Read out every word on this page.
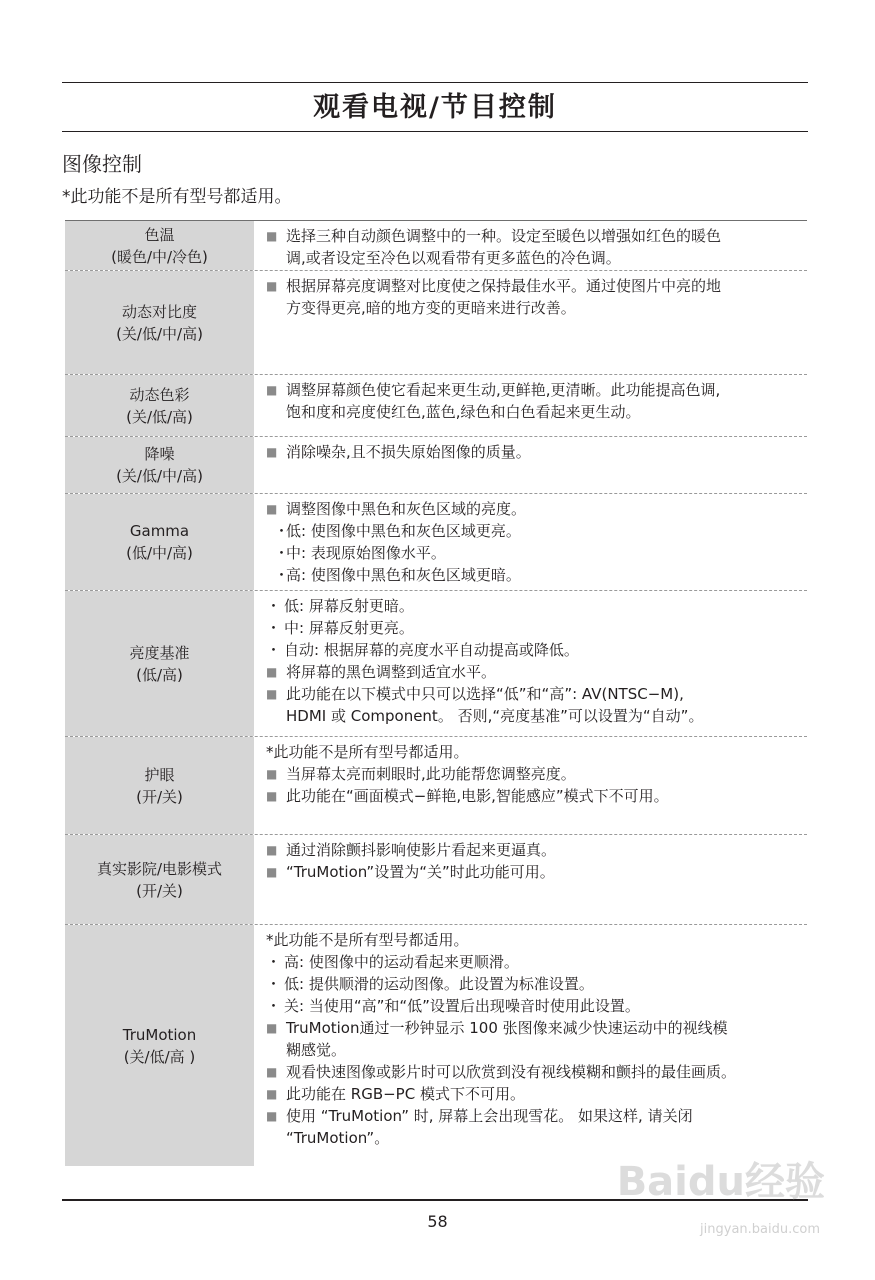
观看电视/节目控制
图像控制
*此功能不是所有型号都适用。
色温
(暖色/中/冷色)
■ 选择三种自动颜色调整中的一种。设定至暖色以增强如红色的暖色
调,或者设定至冷色以观看带有更多蓝色的冷色调。
动态对比度
(关/低/中/高)
■ 根据屏幕亮度调整对比度使之保持最佳水平。通过使图片中亮的地
方变得更亮,暗的地方变的更暗来进行改善。
动态色彩
(关/低/高)
■ 调整屏幕颜色使它看起来更生动,更鲜艳,更清晰。此功能提高色调,
饱和度和亮度使红色,蓝色,绿色和白色看起来更生动。
降噪
(关/低/中/高)
■ 消除噪杂,且不损失原始图像的质量。
Gamma
(低/中/高)
■ 调整图像中黑色和灰色区域的亮度。
・ 低: 使图像中黑色和灰色区域更亮。
・ 中: 表现原始图像水平。
・ 高: 使图像中黑色和灰色区域更暗。
亮度基准
(低/高)
・ 低: 屏幕反射更暗。
・ 中: 屏幕反射更亮。
・ 自动: 根据屏幕的亮度水平自动提高或降低。
■ 将屏幕的黑色调整到适宜水平。
■ 此功能在以下模式中只可以选择“低”和“高”: AV(NTSC−M),
HDMI 或 Component。 否则,“亮度基准”可以设置为“自动”。
护眼
(开/关)
*此功能不是所有型号都适用。
■ 当屏幕太亮而刺眼时,此功能帮您调整亮度。
■ 此功能在“画面模式−鲜艳,电影,智能感应”模式下不可用。
真实影院/电影模式
(开/关)
■ 通过消除颤抖影响使影片看起来更逼真。
■ “TruMotion”设置为“关”时此功能可用。
TruMotion
(关/低/高 )
*此功能不是所有型号都适用。
・ 高: 使图像中的运动看起来更顺滑。
・ 低: 提供顺滑的运动图像。此设置为标准设置。
・ 关: 当使用“高”和“低”设置后出现噪音时使用此设置。
■ TruMotion通过一秒钟显示 100 张图像来减少快速运动中的视线模
糊感觉。
■ 观看快速图像或影片时可以欣赏到没有视线模糊和颤抖的最佳画质。
■ 此功能在 RGB−PC 模式下不可用。
■ 使用 “TruMotion” 时, 屏幕上会出现雪花。 如果这样, 请关闭
“TruMotion”。
58
Baidu经验
jingyan.baidu.com
